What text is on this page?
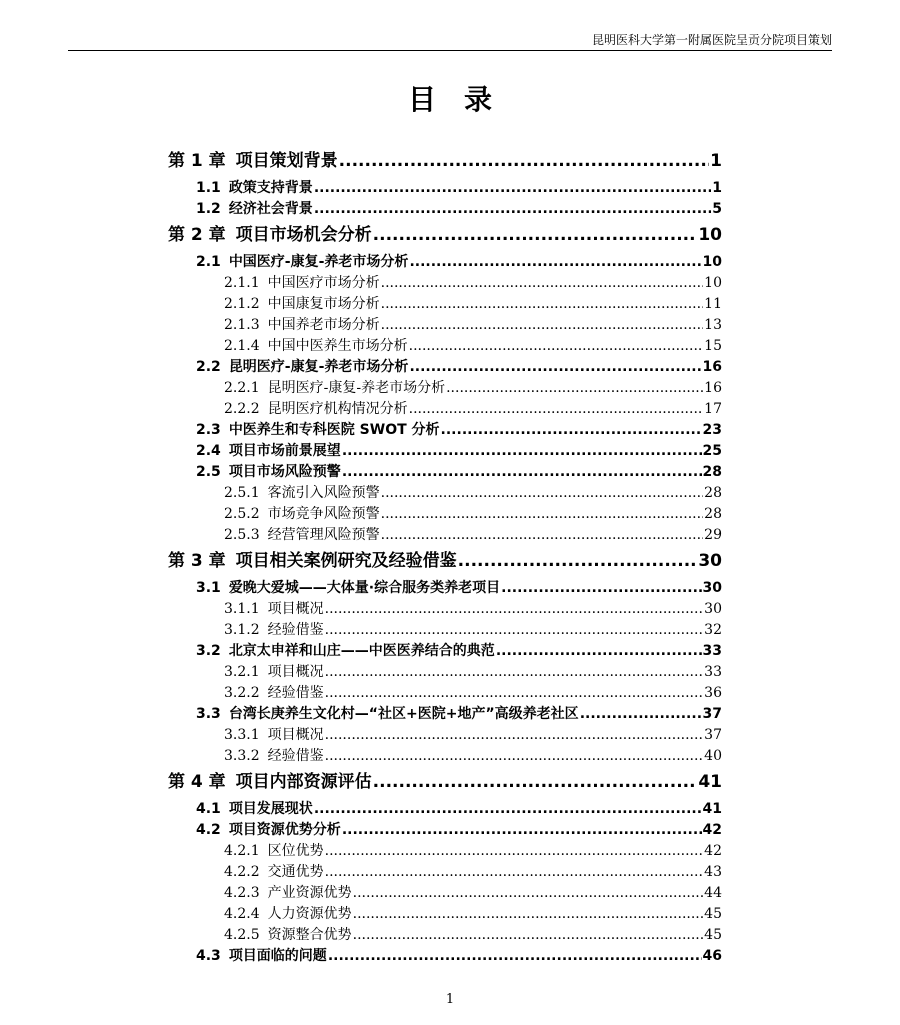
昆明医科大学第一附属医院呈贡分院项目策划
目 录
第 1 章 项目策划背景 .....	1
1.1 政策支持背景 .....	1
1.2 经济社会背景 .....	5
第 2 章 项目市场机会分析 .....	10
2.1 中国医疗-康复-养老市场分析 .....	10
2.1.1 中国医疗市场分析 .....	10
2.1.2 中国康复市场分析 .....	11
2.1.3 中国养老市场分析 .....	13
2.1.4 中国中医养生市场分析 .....	15
2.2 昆明医疗-康复-养老市场分析 .....	16
2.2.1 昆明医疗-康复-养老市场分析 .....	16
2.2.2 昆明医疗机构情况分析 .....	17
2.3 中医养生和专科医院 SWOT 分析 .....	23
2.4 项目市场前景展望 .....	25
2.5 项目市场风险预警 .....	28
2.5.1 客流引入风险预警 .....	28
2.5.2 市场竞争风险预警 .....	28
2.5.3 经营管理风险预警 .....	29
第 3 章 项目相关案例研究及经验借鉴 .....	30
3.1 爱晚大爱城——大体量·综合服务类养老项目 .....	30
3.1.1 项目概况 .....	30
3.1.2 经验借鉴 .....	32
3.2 北京太申祥和山庄——中医医养结合的典范 .....	33
3.2.1 项目概况 .....	33
3.2.2 经验借鉴 .....	36
3.3 台湾长庚养生文化村—“社区+医院+地产”高级养老社区 .....	37
3.3.1 项目概况 .....	37
3.3.2 经验借鉴 .....	40
第 4 章 项目内部资源评估 .....	41
4.1 项目发展现状 .....	41
4.2 项目资源优势分析 .....	42
4.2.1 区位优势 .....	42
4.2.2 交通优势 .....	43
4.2.3 产业资源优势 .....	44
4.2.4 人力资源优势 .....	45
4.2.5 资源整合优势 .....	45
4.3 项目面临的问题 .....	46
1
